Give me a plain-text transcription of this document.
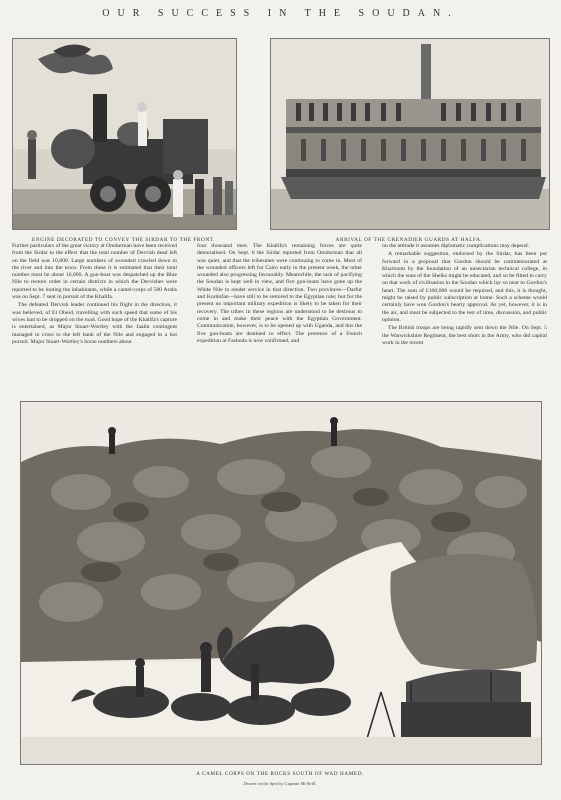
OUR SUCCESS IN THE SOUDAN.
ENGINE DECORATED TO CONVEY THE SIRDAR TO THE FRONT.	ARRIVAL OF THE GRENADIER GUARDS AT HALFA.

Further particulars of the great victory at Omdurman have been received from the Sirdar to the effect that the total number of Dervish dead left on the field was 10,800. Large numbers of wounded crawled down to the river and into the town. From these it is estimated that their total number must be about 16,000. A gun-boat was despatched up the Blue Nile to restore order in certain districts in which the Dervishes were reported to be looting the inhabitants, while a camel-corps of 500 Arabs was on Sept. 7 sent in pursuit of the Khalifa.

The defeated Dervish leader continued his flight in the direction, it was believed, of El Obeid, travelling with such speed that some of his wives had to be dropped on the road. Good hope of the Khalifa's capture is entertained, as Major Stuart-Wortley with the Jaalin contingent managed to cross to the left bank of the Nile and engaged in a hot pursuit. Major Stuart-Wortley's horse numbers about

four thousand men. The Khalifa's remaining forces are quite demoralised. On Sept. 6 the Sirdar reported from Omdurman that all was quiet, and that the tribesmen were continuing to come in. Most of the wounded officers left for Cairo early in the present week, the other wounded also progressing favourably. Meanwhile, the task of pacifying the Soudan is kept well in view, and five gun-boats have gone up the White Nile to render service in that direction. Two provinces—Darfur and Kordofan—have still to be restored to the Egyptian rule; but for the present no important military expedition is likely to be taken for their recovery. The tribes in these regions are understood to be desirous to come in and make their peace with the Egyptian Government. Communication, however, is to be opened up with Uganda, and this the five gun-boats are destined to effect. The presence of a French expedition at Fashoda is now confirmed, and

on the attitude it assumes diplomatic complications may depend.

A remarkable suggestion, endorsed by the Sirdar, has been put forward in a proposal that Gordon should be commemorated at Khartoum by the foundation of an unsectarian technical college, in which the sons of the Sheiks might be educated, and so be fitted to carry on that work of civilisation in the Soudan which lay so near to Gordon's heart. The sum of £100,000 would be required, and this, it is thought, might be raised by public subscription at home. Such a scheme would certainly have won Gordon's hearty approval. As yet, however, it is in the air, and must be subjected to the test of time, discussion, and public opinion.

The British troops are being rapidly sent down the Nile. On Sept. 5 the Warwickshire Regiment, the best shots in the Army, who did capital work in the recent

A CAMEL CORPS ON THE ROCKS SOUTH OF WAD HAMED.
Drawn on the Spot by Captain McNeill.
